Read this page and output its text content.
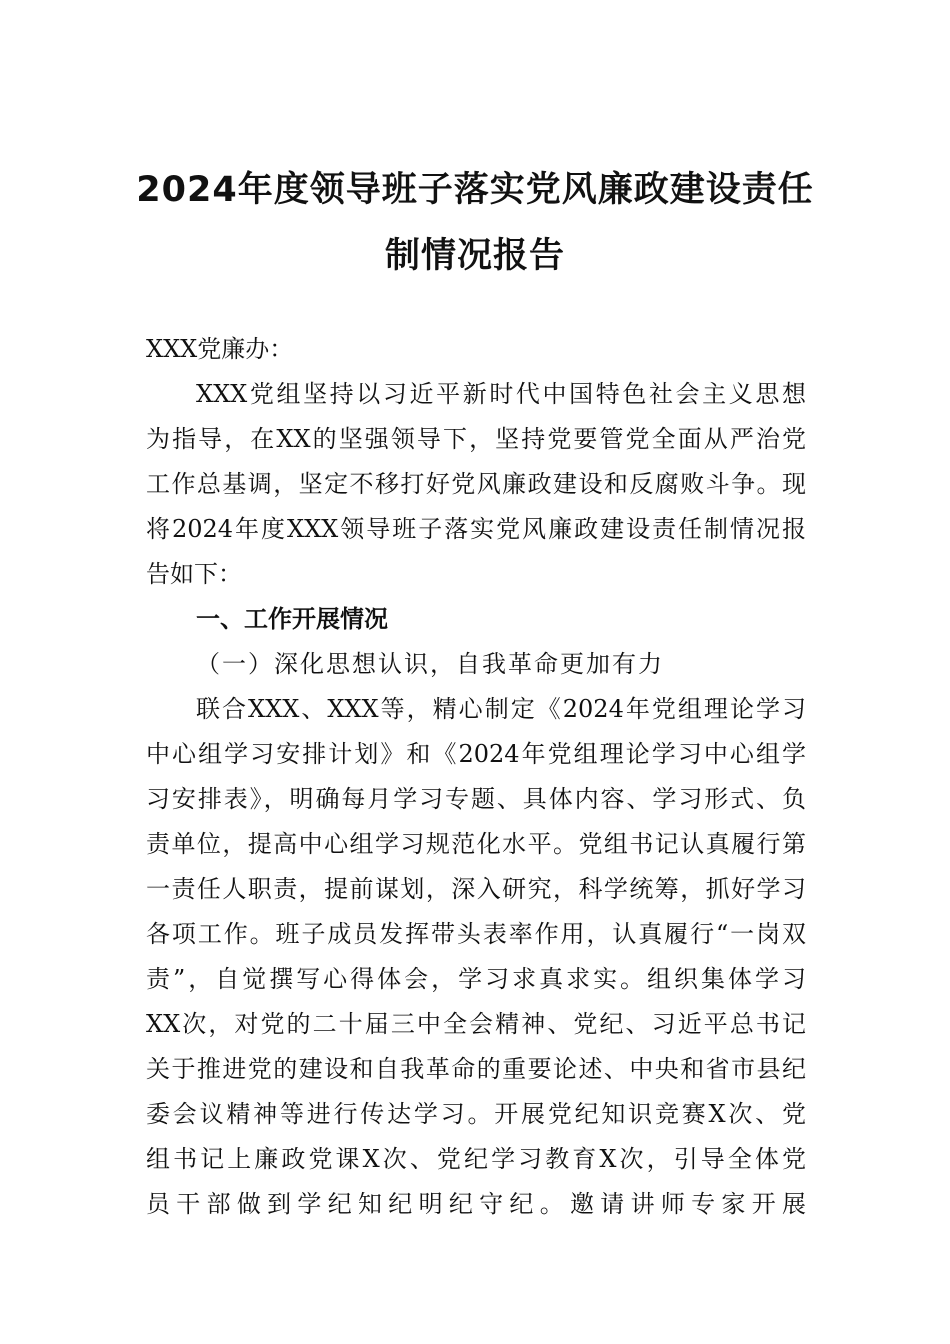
2024年度领导班子落实党风廉政建设责任
制情况报告
XXX党廉办：
XXX党组坚持以习近平新时代中国特色社会主义思想
为指导，在XX的坚强领导下，坚持党要管党全面从严治党
工作总基调，坚定不移打好党风廉政建设和反腐败斗争。现
将2024年度XXX领导班子落实党风廉政建设责任制情况报
告如下：
一、工作开展情况
（一）深化思想认识，自我革命更加有力
联合XXX、XXX等，精心制定《2024年党组理论学习
中心组学习安排计划》和《2024年党组理论学习中心组学
习安排表》，明确每月学习专题、具体内容、学习形式、负
责单位，提高中心组学习规范化水平。党组书记认真履行第
一责任人职责，提前谋划，深入研究，科学统筹，抓好学习
各项工作。班子成员发挥带头表率作用，认真履行“一岗双
责”，自觉撰写心得体会，学习求真求实。组织集体学习
XX次，对党的二十届三中全会精神、党纪、习近平总书记
关于推进党的建设和自我革命的重要论述、中央和省市县纪
委会议精神等进行传达学习。开展党纪知识竞赛X次、党
组书记上廉政党课X次、党纪学习教育X次，引导全体党
员干部做到学纪知纪明纪守纪。邀请讲师专家开展
